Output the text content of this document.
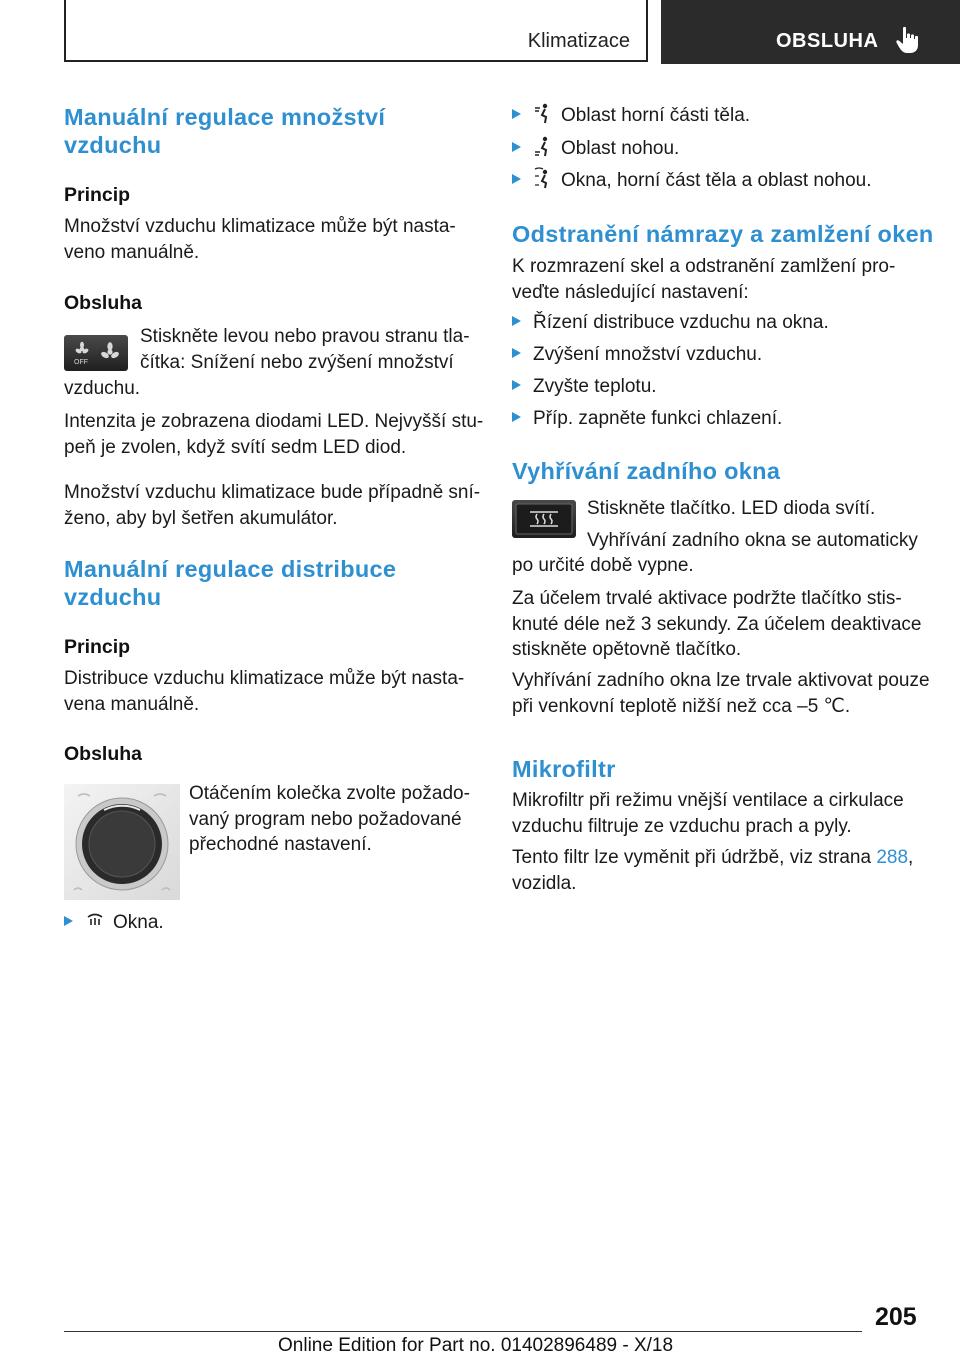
Klimatizace	OBSLUHA
Manuální regulace množství
vzduchu
Princip

Množství vzduchu klimatizace může být nasta‐
veno manuálně.

Obsluha
OFF

Stiskněte levou nebo pravou stranu tla‐
čítka: Snížení nebo zvýšení množství

vzduchu.

Intenzita je zobrazena diodami LED. Nejvyšší stu‐
peň je zvolen, když svítí sedm LED diod.

Množství vzduchu klimatizace bude případně sní‐
ženo, aby byl šetřen akumulátor.

Manuální regulace distribuce
vzduchu
Princip

Distribuce vzduchu klimatizace může být nasta‐
vena manuálně.

Obsluha

Otáčením kolečka zvolte požado‐
vaný program nebo požadované
přechodné nastavení.

Okna.
Oblast horní části těla.
Oblast nohou.
Okna, horní část těla a oblast nohou.
Odstranění námrazy a zamlžení oken

K rozmrazení skel a odstranění zamlžení pro‐
veďte následující nastavení:

Řízení distribuce vzduchu na okna.
Zvýšení množství vzduchu.
Zvyšte teplotu.
Příp. zapněte funkci chlazení.
Vyhřívání zadního okna

Stiskněte tlačítko. LED dioda svítí.
Vyhřívání zadního okna se automaticky

po určité době vypne.

Za účelem trvalé aktivace podržte tlačítko stis‐
knuté déle než 3 sekundy. Za účelem deaktivace
stiskněte opětovně tlačítko.

Vyhřívání zadního okna lze trvale aktivovat pouze
při venkovní teplotě nižší než cca –5 ℃.

Mikrofiltr

Mikrofiltr při režimu vnější ventilace a cirkulace
vzduchu filtruje ze vzduchu prach a pyly.

Tento filtr lze vyměnit při údržbě, viz strana 288,
vozidla.

205
Online Edition for Part no. 01402896489 - X/18
